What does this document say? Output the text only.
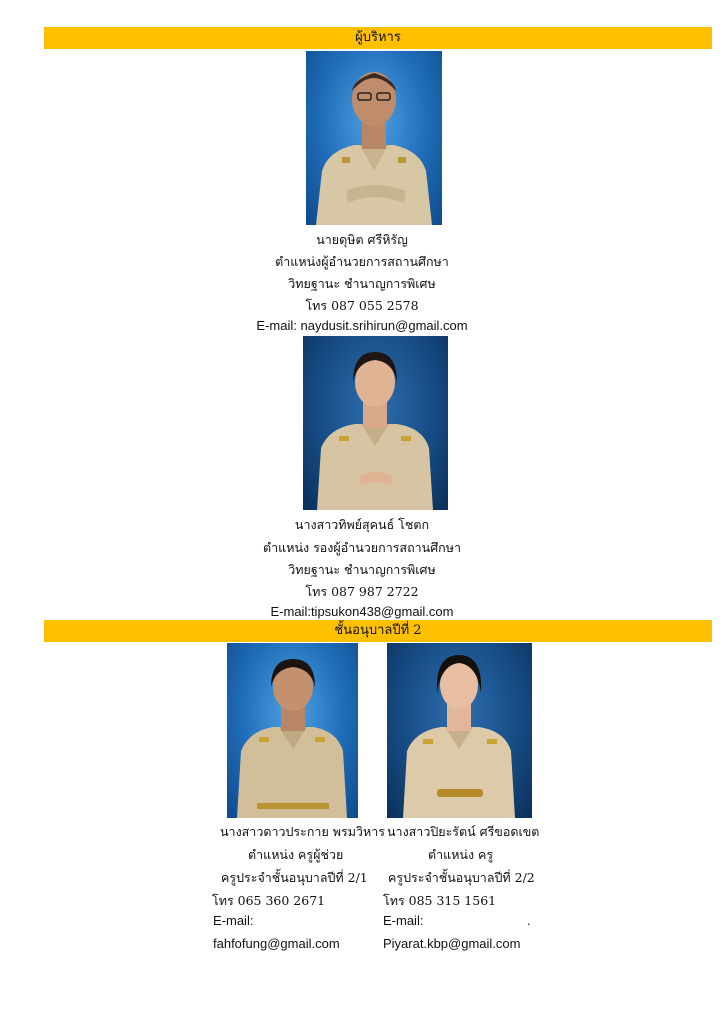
ผู้บริหาร
นายดุษิต ศรีหิรัญ
ตำแหน่งผู้อำนวยการสถานศึกษา
วิทยฐานะ ชำนาญการพิเศษ
โทร 087 055 2578
E-mail: naydusit.srihirun@gmail.com
นางสาวทิพย์สุคนธ์ โชตก
ตำแหน่ง รองผู้อำนวยการสถานศึกษา
วิทยฐานะ ชำนาญการพิเศษ
โทร 087 987 2722
E-mail:tipsukon438@gmail.com
ชั้นอนุบาลปีที่ 2
นางสาวดาวประกาย พรมวิหาร
ตำแหน่ง ครูผู้ช่วย
ครูประจำชั้นอนุบาลปีที่ 2/1
โทร 065 360 2671
E-mail:
fahfofung@gmail.com
นางสาวปิยะรัตน์ ศรีขอดเขต
ตำแหน่ง ครู
ครูประจำชั้นอนุบาลปีที่ 2/2
โทร 085 315 1561
E-mail:	.
Piyarat.kbp@gmail.com
